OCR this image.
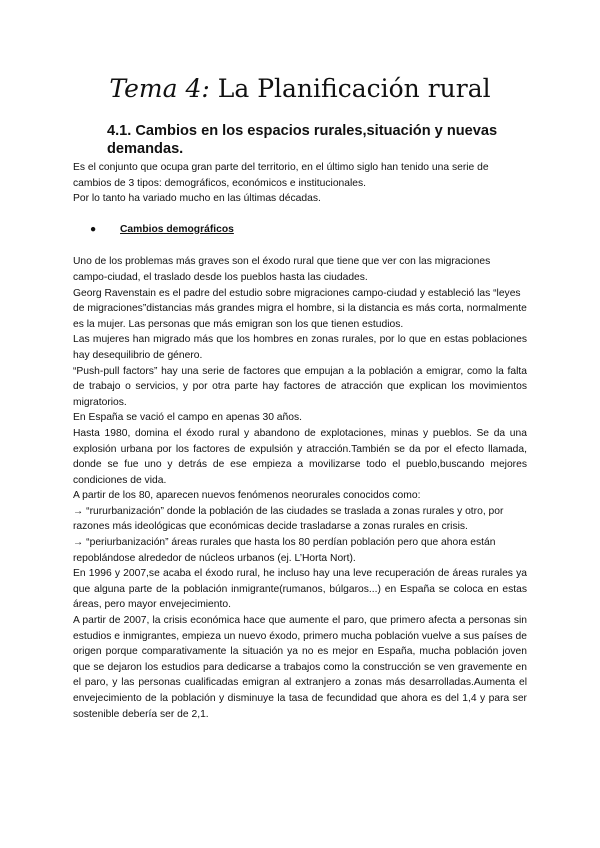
Tema 4: La Planificación rural
4.1. Cambios en los espacios rurales,situación y nuevas demandas.

Es el conjunto que ocupa gran parte del territorio, en el último siglo han tenido una serie de cambios de 3 tipos: demográficos, económicos e institucionales.

Por lo tanto ha variado mucho en las últimas décadas.

● Cambios demográficos

Uno de los problemas más graves son el éxodo rural que tiene que ver con las migraciones campo-ciudad, el traslado desde los pueblos hasta las ciudades.

Georg Ravenstain es el padre del estudio sobre migraciones campo-ciudad y estableció las “leyes de migraciones”distancias más grandes migra el hombre, si la distancia es más corta, normalmente es la mujer. Las personas que más emigran son los que tienen estudios.

Las mujeres han migrado más que los hombres en zonas rurales, por lo que en estas poblaciones hay desequilibrio de género.

“Push-pull factors” hay una serie de factores que empujan a la población a emigrar, como la falta de trabajo o servicios, y por otra parte hay factores de atracción que explican los movimientos migratorios.

En España se vació el campo en apenas 30 años.

Hasta 1980, domina el éxodo rural y abandono de explotaciones, minas y pueblos. Se da una explosión urbana por los factores de expulsión y atracción.También se da por el efecto llamada, donde se fue uno y detrás de ese empieza a movilizarse todo el pueblo,buscando mejores condiciones de vida.

A partir de los 80, aparecen nuevos fenómenos neorurales conocidos como:

→ “rururbanización” donde la población de las ciudades se traslada a zonas rurales y otro, por razones más ideológicas que económicas decide trasladarse a zonas rurales en crisis.

→ “periurbanización” áreas rurales que hasta los 80 perdían población pero que ahora están repoblándose alrededor de núcleos urbanos (ej. L’Horta Nort).

En 1996 y 2007,se acaba el éxodo rural, he incluso hay una leve recuperación de áreas rurales ya que alguna parte de la población inmigrante(rumanos, búlgaros...) en España se coloca en estas áreas, pero mayor envejecimiento.

A partir de 2007, la crisis económica hace que aumente el paro, que primero afecta a personas sin estudios e inmigrantes, empieza un nuevo éxodo, primero mucha población vuelve a sus países de origen porque comparativamente la situación ya no es mejor en España, mucha población joven que se dejaron los estudios para dedicarse a trabajos como la construcción se ven gravemente en el paro, y las personas cualificadas emigran al extranjero a zonas más desarrolladas.Aumenta el envejecimiento de la población y disminuye la tasa de fecundidad que ahora es del 1,4 y para ser sostenible debería ser de 2,1.
